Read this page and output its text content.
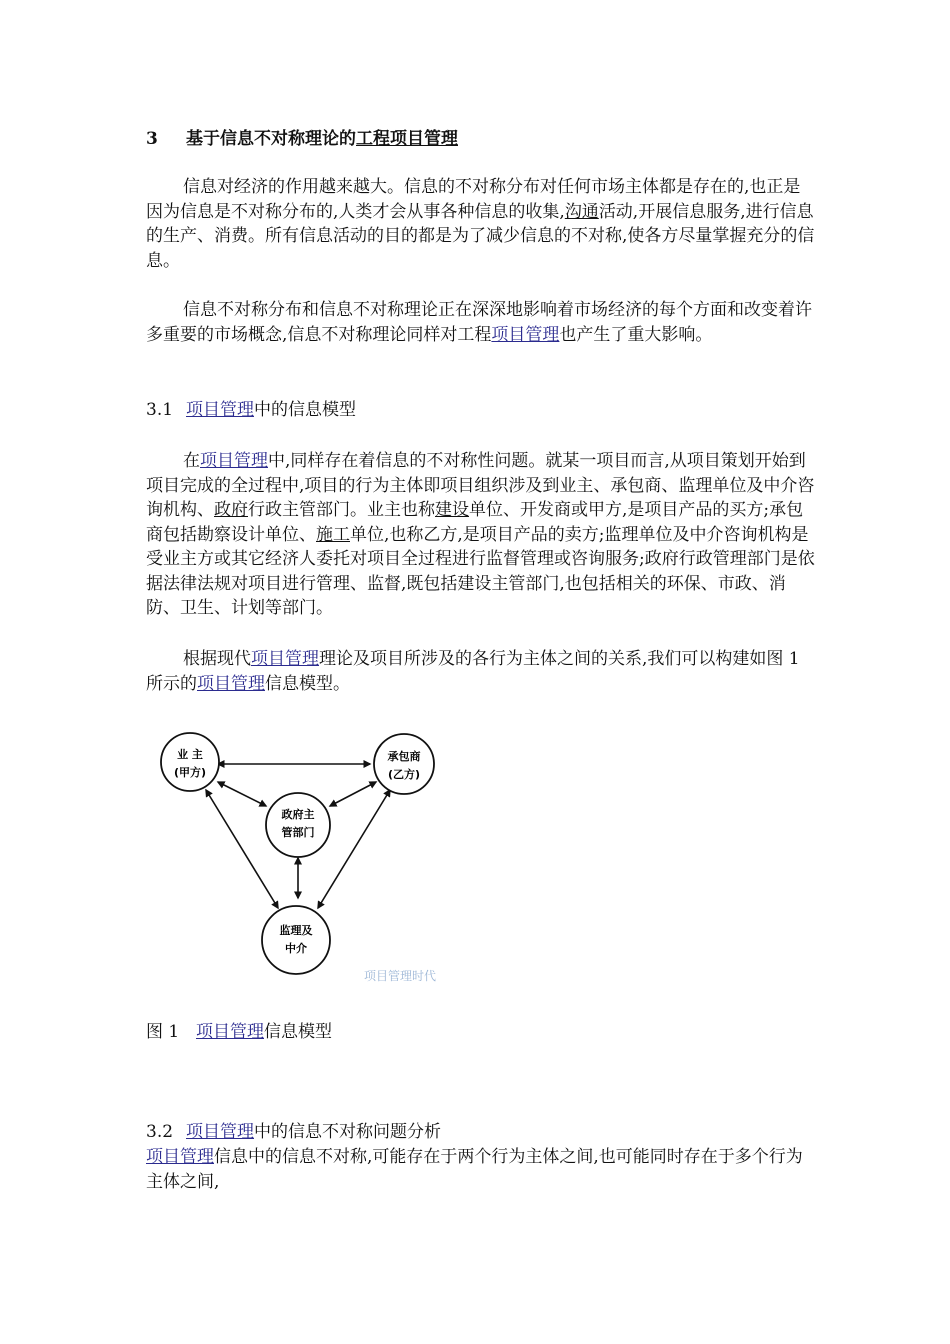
3 基于信息不对称理论的工程项目管理

信息对经济的作用越来越大。信息的不对称分布对任何市场主体都是存在的,也正是因为信息是不对称分布的,人类才会从事各种信息的收集,沟通活动,开展信息服务,进行信息的生产、消费。所有信息活动的目的都是为了减少信息的不对称,使各方尽量掌握充分的信息。

信息不对称分布和信息不对称理论正在深深地影响着市场经济的每个方面和改变着许多重要的市场概念,信息不对称理论同样对工程项目管理也产生了重大影响。

3.1 项目管理中的信息模型

在项目管理中,同样存在着信息的不对称性问题。就某一项目而言,从项目策划开始到项目完成的全过程中,项目的行为主体即项目组织涉及到业主、承包商、监理单位及中介咨询机构、政府行政主管部门。业主也称建设单位、开发商或甲方,是项目产品的买方;承包商包括勘察设计单位、施工单位,也称乙方,是项目产品的卖方;监理单位及中介咨询机构是受业主方或其它经济人委托对项目全过程进行监督管理或咨询服务;政府行政管理部门是依据法律法规对项目进行管理、监督,既包括建设主管部门,也包括相关的环保、市政、消防、卫生、计划等部门。

根据现代项目管理理论及项目所涉及的各行为主体之间的关系,我们可以构建如图 1 所示的项目管理信息模型。

业 主
(甲方)
承包商
(乙方)
政府主
管部门
监理及
中介
项目管理时代
图 1 项目管理信息模型
3.2 项目管理中的信息不对称问题分析

项目管理信息中的信息不对称,可能存在于两个行为主体之间,也可能同时存在于多个行为主体之间,
